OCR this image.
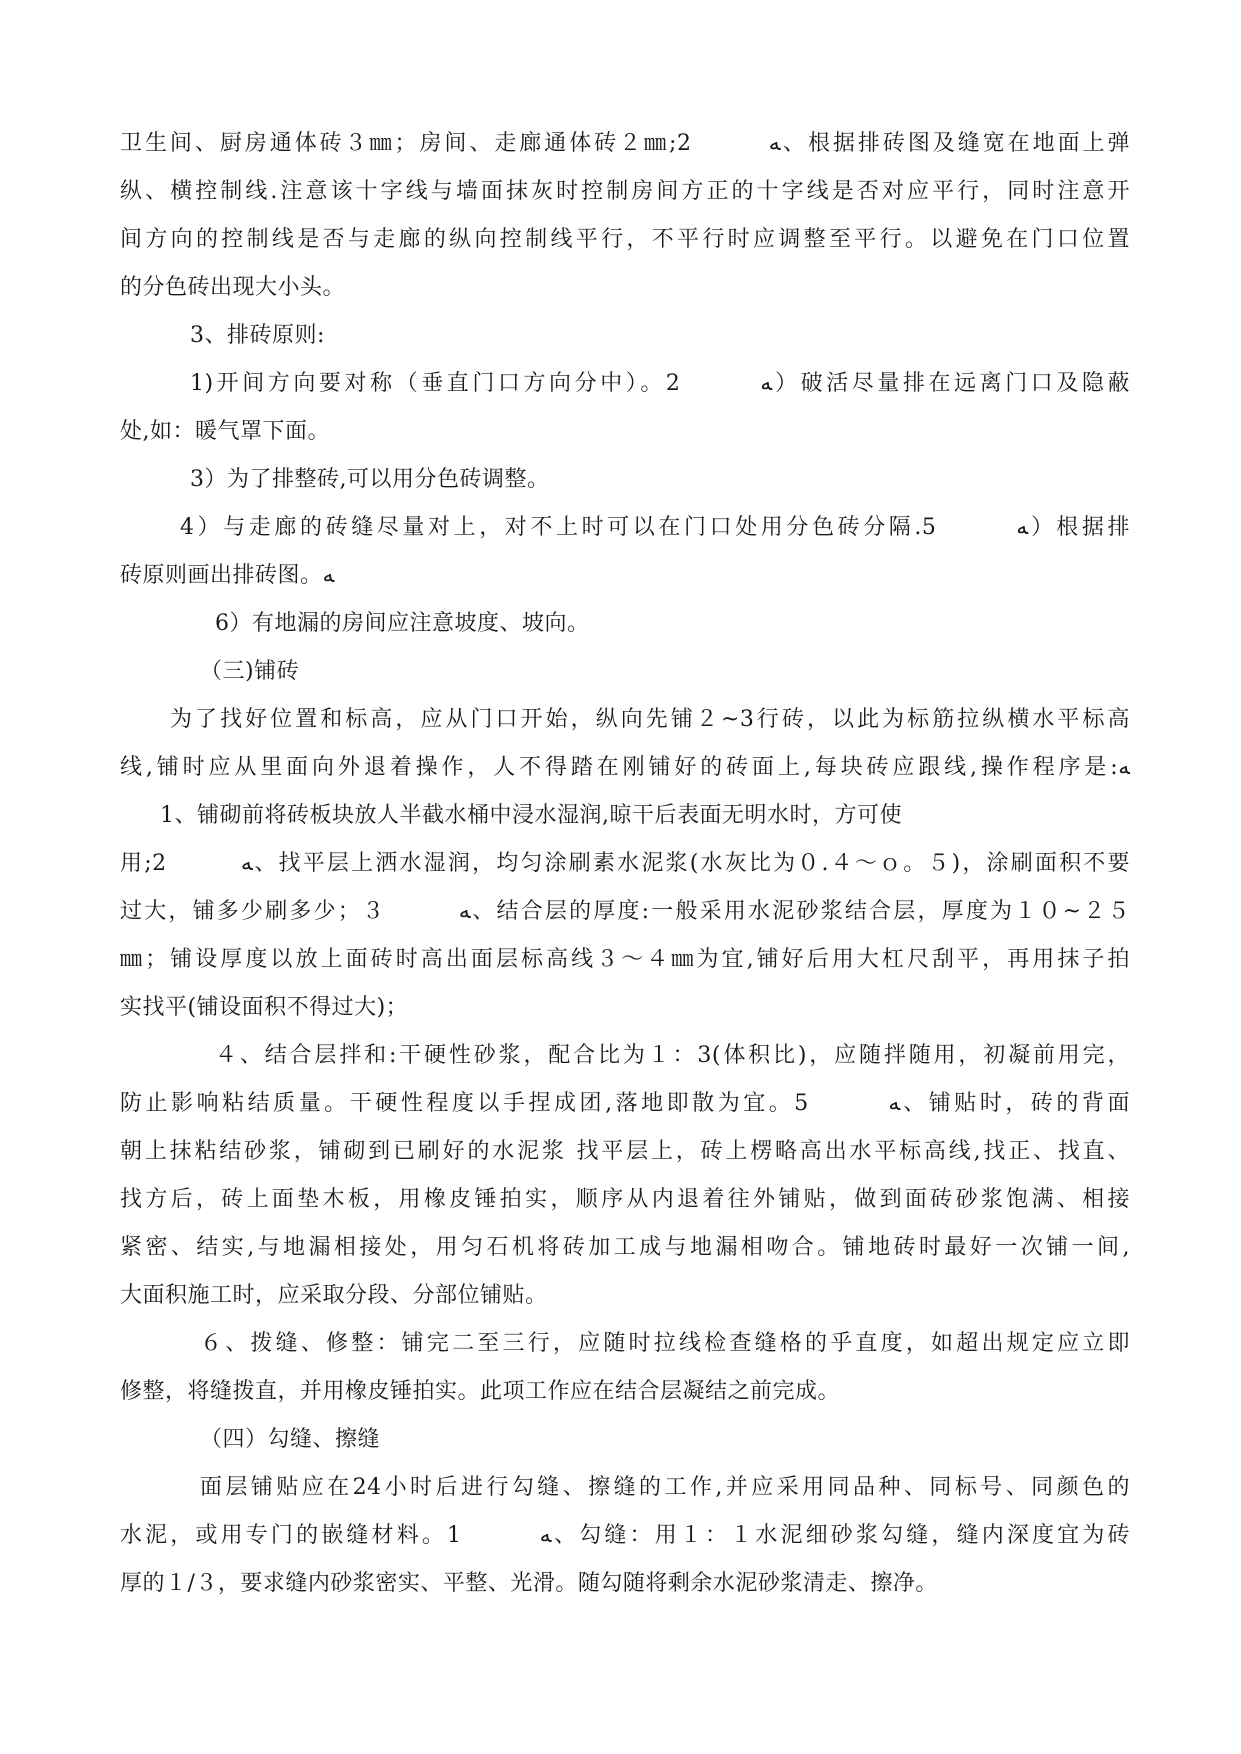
卫生间、厨房通体砖３㎜；房间、走廊通体砖２㎜;2　　　ﻪ、根据排砖图及缝宽在地面上弹
纵、横控制线.注意该十字线与墙面抹灰时控制房间方正的十字线是否对应平行，同时注意开
间方向的控制线是否与走廊的纵向控制线平行，不平行时应调整至平行。以避免在门口位置
的分色砖出现大小头。
3、排砖原则:
1)开间方向要对称（垂直门口方向分中）。2　　　ﻪ）破活尽量排在远离门口及隐蔽
处,如：暖气罩下面。
3）为了排整砖,可以用分色砖调整。
4）与走廊的砖缝尽量对上，对不上时可以在门口处用分色砖分隔.5　　　ﻪ）根据排
砖原则画出排砖图。ﻪ
6）有地漏的房间应注意坡度、坡向。
（三)铺砖
为了找好位置和标高，应从门口开始，纵向先铺２~3行砖，以此为标筋拉纵横水平标高
线,铺时应从里面向外退着操作，人不得踏在刚铺好的砖面上,每块砖应跟线,操作程序是:ﻪ
1、铺砌前将砖板块放人半截水桶中浸水湿润,晾干后表面无明水时，方可使
用;2　　　ﻪ、找平层上洒水湿润，均匀涂刷素水泥浆(水灰比为０.４～ｏ。５)，涂刷面积不要
过大，铺多少刷多少；３　　　ﻪ、结合层的厚度:一般采用水泥砂浆结合层，厚度为１０~２５
㎜；铺设厚度以放上面砖时高出面层标高线３～４㎜为宜,铺好后用大杠尺刮平，再用抹子拍
实找平(铺设面积不得过大)；
４、结合层拌和:干硬性砂浆，配合比为１：3(体积比)，应随拌随用，初凝前用完，
防止影响粘结质量。干硬性程度以手捏成团,落地即散为宜。5　　　ﻪ、铺贴时，砖的背面
朝上抹粘结砂浆，铺砌到已刷好的水泥浆 找平层上，砖上楞略高出水平标高线,找正、找直、
找方后，砖上面垫木板，用橡皮锤拍实，顺序从内退着往外铺贴，做到面砖砂浆饱满、相接
紧密、结实,与地漏相接处，用匀石机将砖加工成与地漏相吻合。铺地砖时最好一次铺一间,
大面积施工时，应采取分段、分部位铺贴。
６、拨缝、修整：铺完二至三行，应随时拉线检查缝格的乎直度，如超出规定应立即
修整，将缝拨直，并用橡皮锤拍实。此项工作应在结合层凝结之前完成。
（四）勾缝、擦缝
面层铺贴应在24小时后进行勾缝、擦缝的工作,并应采用同品种、同标号、同颜色的
水泥，或用专门的嵌缝材料。1　　　ﻪ、勾缝：用１：１水泥细砂浆勾缝，缝内深度宜为砖
厚的１/３，要求缝内砂浆密实、平整、光滑。随勾随将剩余水泥砂浆清走、擦净。
